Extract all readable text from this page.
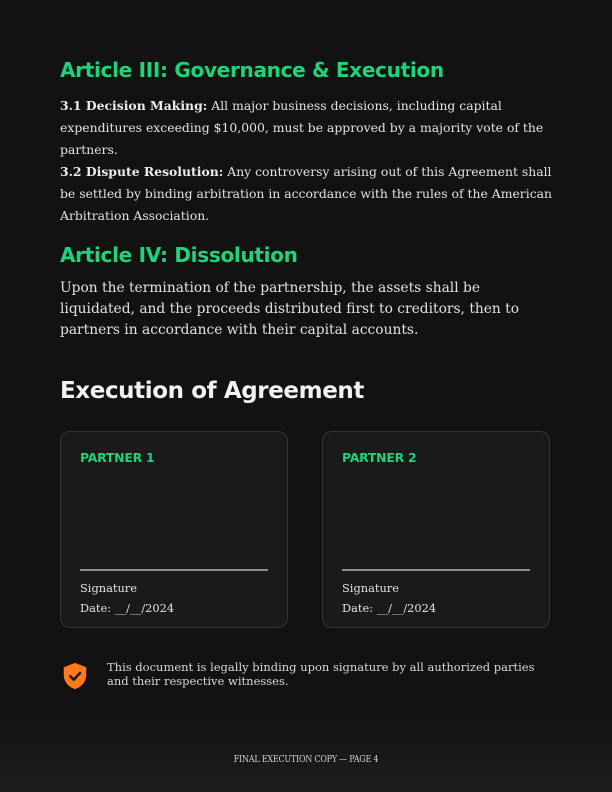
Article III: Governance & Execution

3.1 Decision Making: All major business decisions, including capital expenditures exceeding $10,000, must be approved by a majority vote of the partners.

3.2 Dispute Resolution: Any controversy arising out of this Agreement shall be settled by binding arbitration in accordance with the rules of the American Arbitration Association.

Article IV: Dissolution

Upon the termination of the partnership, the assets shall be liquidated, and the proceeds distributed first to creditors, then to partners in accordance with their capital accounts.

Execution of Agreement
PARTNER 1
Signature
Date: __/__/2024
PARTNER 2
Signature
Date: __/__/2024
This document is legally binding upon signature by all authorized parties and their respective witnesses.
FINAL EXECUTION COPY — PAGE 4
